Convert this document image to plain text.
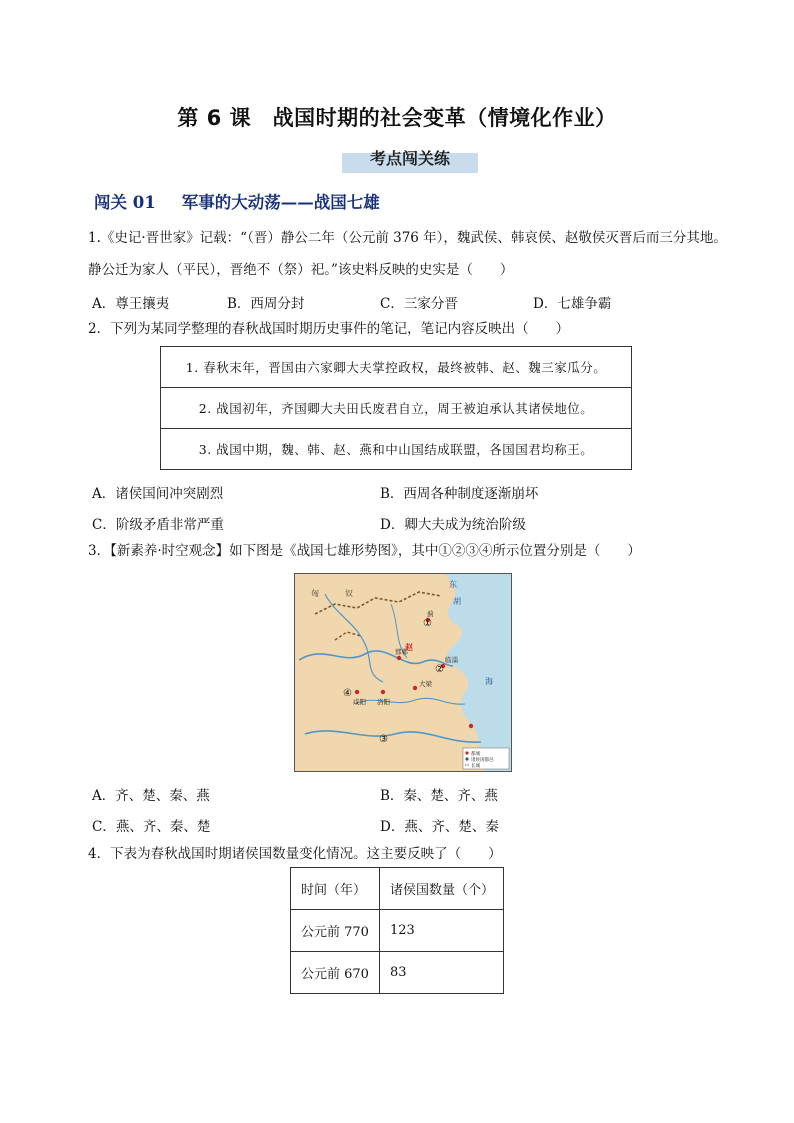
第 6 课　战国时期的社会变革（情境化作业）
考点闯关练
闯关 01 军事的大动荡——战国七雄
1.《史记·晋世家》记载：“（晋）静公二年（公元前 376 年），魏武侯、韩哀侯、赵敬侯灭晋后而三分其地。
静公迁为家人（平民），晋绝不（祭）祀。”该史料反映的史实是（　　）
A．尊王攘夷	B．西周分封	C．三家分晋	D．七雄争霸
2．下列为某同学整理的春秋战国时期历史事件的笔记，笔记内容反映出（　　）
1. 春秋末年，晋国由六家卿大夫掌控政权，最终被韩、赵、魏三家瓜分。
2. 战国初年，齐国卿大夫田氏废君自立，周王被迫承认其诸侯地位。
3. 战国中期，魏、韩、赵、燕和中山国结成联盟，各国国君均称王。
A．诸侯国间冲突剧烈	B．西周各种制度逐渐崩坏
C．阶级矛盾非常严重	D．卿大夫成为统治阶级
3．【新素养·时空观念】如下图是《战国七雄形势图》，其中①②③④所示位置分别是（　　）
东
胡
匈	奴
①
②
③
④
洛阳
咸阳
临淄
大梁
邯郸
蓟
赵
海
都城
诸侯国都邑
长城
A．齐、楚、秦、燕	B．秦、楚、齐、燕
C．燕、齐、秦、楚	D．燕、齐、楚、秦
4．下表为春秋战国时期诸侯国数量变化情况。这主要反映了（　　）
时间（年）	诸侯国数量（个）
公元前 770	123
公元前 670	83
